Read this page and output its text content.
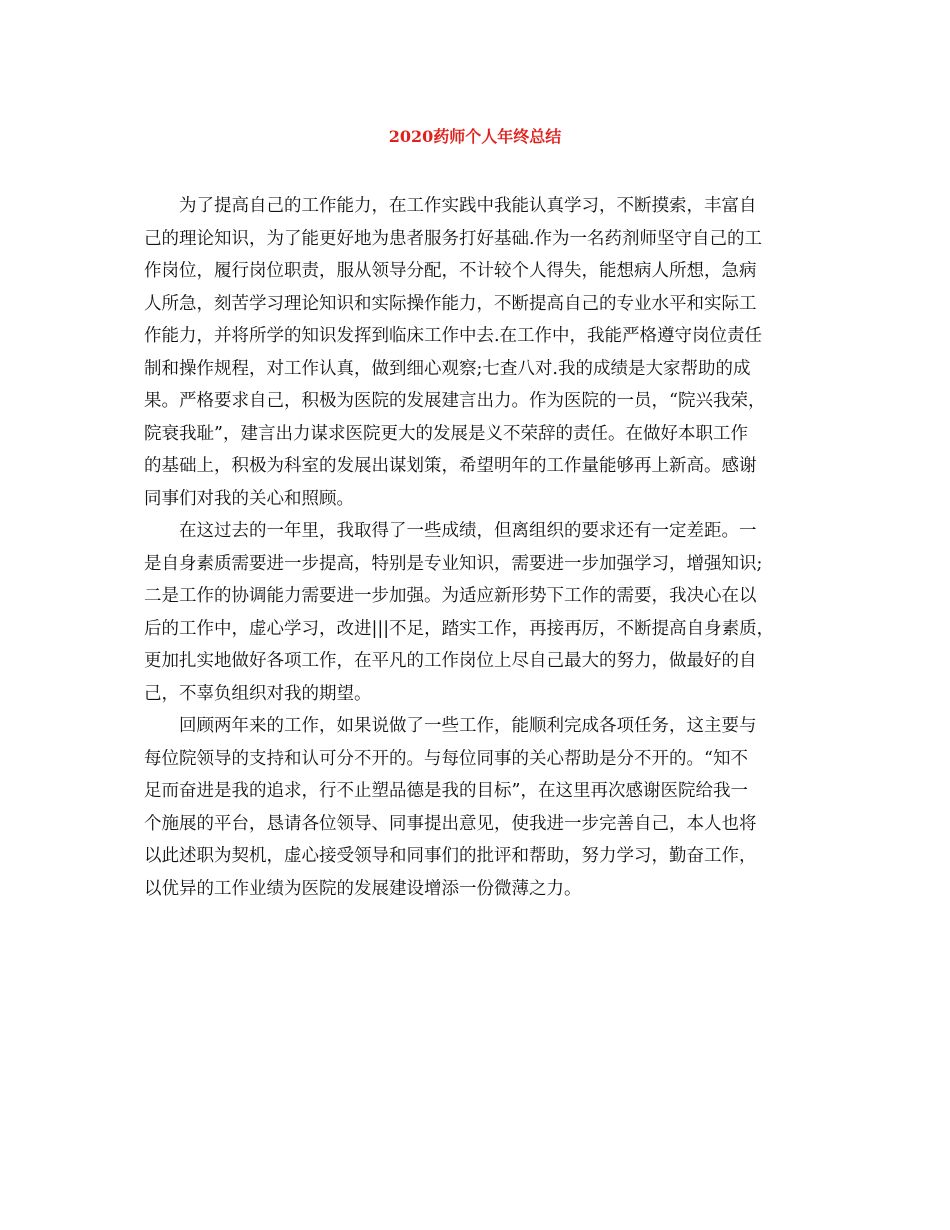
2020药师个人年终总结
为了提高自己的工作能力，在工作实践中我能认真学习，不断摸索，丰富自
己的理论知识，为了能更好地为患者服务打好基础.作为一名药剂师坚守自己的工
作岗位，履行岗位职责，服从领导分配，不计较个人得失，能想病人所想，急病
人所急，刻苦学习理论知识和实际操作能力，不断提高自己的专业水平和实际工
作能力，并将所学的知识发挥到临床工作中去.在工作中，我能严格遵守岗位责任
制和操作规程，对工作认真，做到细心观察;七查八对.我的成绩是大家帮助的成
果。严格要求自己，积极为医院的发展建言出力。作为医院的一员，“院兴我荣，
院衰我耻”，建言出力谋求医院更大的发展是义不荣辞的责任。在做好本职工作
的基础上，积极为科室的发展出谋划策，希望明年的工作量能够再上新高。感谢
同事们对我的关心和照顾。
在这过去的一年里，我取得了一些成绩，但离组织的要求还有一定差距。一
是自身素质需要进一步提高，特别是专业知识，需要进一步加强学习，增强知识;
二是工作的协调能力需要进一步加强。为适应新形势下工作的需要，我决心在以
后的工作中，虚心学习，改进|||不足，踏实工作，再接再厉，不断提高自身素质，
更加扎实地做好各项工作，在平凡的工作岗位上尽自己最大的努力，做最好的自
己，不辜负组织对我的期望。
回顾两年来的工作，如果说做了一些工作，能顺利完成各项任务，这主要与
每位院领导的支持和认可分不开的。与每位同事的关心帮助是分不开的。“知不
足而奋进是我的追求，行不止塑品德是我的目标”，在这里再次感谢医院给我一
个施展的平台，恳请各位领导、同事提出意见，使我进一步完善自己，本人也将
以此述职为契机，虚心接受领导和同事们的批评和帮助，努力学习，勤奋工作，
以优异的工作业绩为医院的发展建设增添一份微薄之力。
